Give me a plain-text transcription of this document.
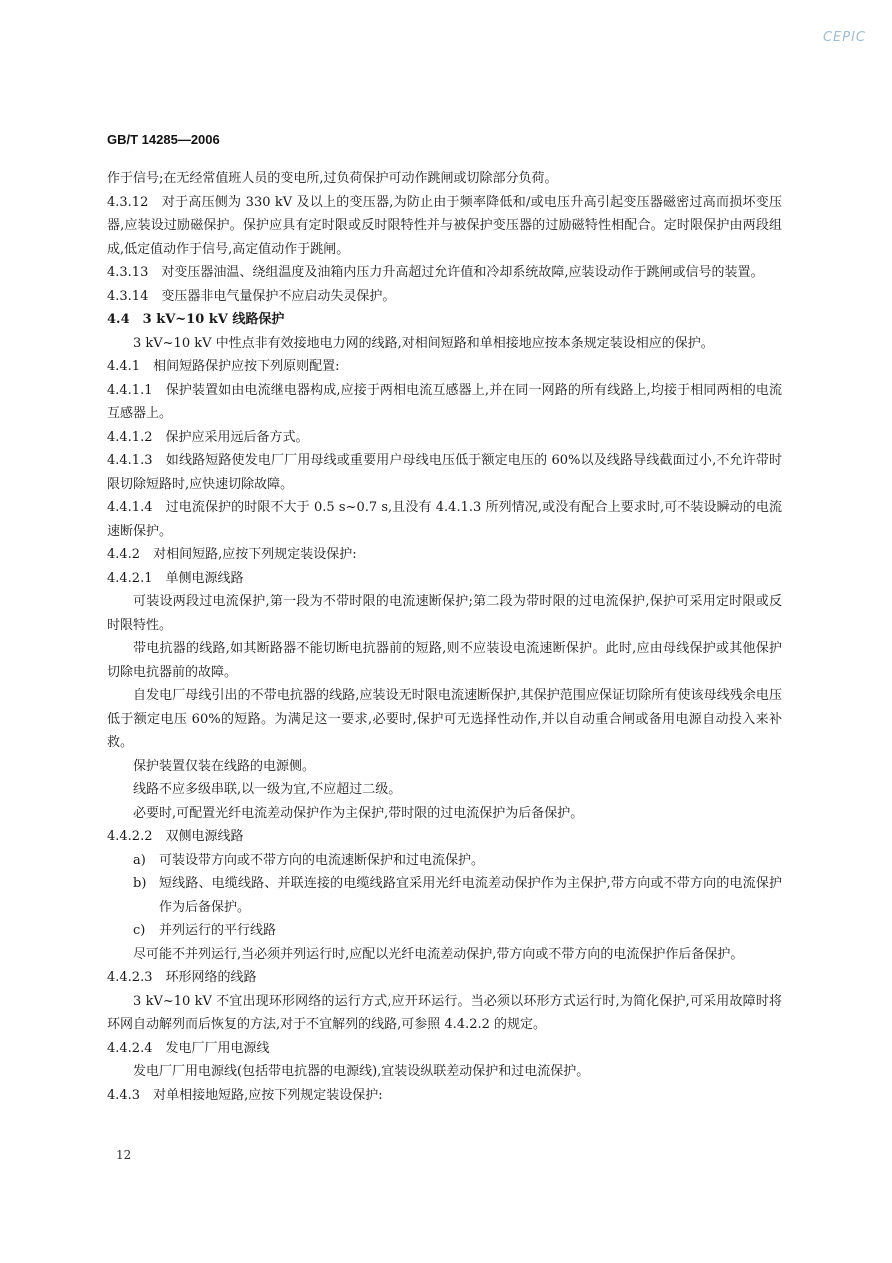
CEPIC
GB/T 14285—2006

作于信号;在无经常值班人员的变电所,过负荷保护可动作跳闸或切除部分负荷。

4.3.12　对于高压侧为 330 kV 及以上的变压器,为防止由于频率降低和/或电压升高引起变压器磁密过高而损坏变压器,应装设过励磁保护。保护应具有定时限或反时限特性并与被保护变压器的过励磁特性相配合。定时限保护由两段组成,低定值动作于信号,高定值动作于跳闸。

4.3.13　对变压器油温、绕组温度及油箱内压力升高超过允许值和冷却系统故障,应装设动作于跳闸或信号的装置。

4.3.14　变压器非电气量保护不应启动失灵保护。

4.4　3 kV~10 kV 线路保护

3 kV~10 kV 中性点非有效接地电力网的线路,对相间短路和单相接地应按本条规定装设相应的保护。

4.4.1　相间短路保护应按下列原则配置:

4.4.1.1　保护装置如由电流继电器构成,应接于两相电流互感器上,并在同一网路的所有线路上,均接于相同两相的电流互感器上。

4.4.1.2　保护应采用远后备方式。

4.4.1.3　如线路短路使发电厂厂用母线或重要用户母线电压低于额定电压的 60%以及线路导线截面过小,不允许带时限切除短路时,应快速切除故障。

4.4.1.4　过电流保护的时限不大于 0.5 s~0.7 s,且没有 4.4.1.3 所列情况,或没有配合上要求时,可不装设瞬动的电流速断保护。

4.4.2　对相间短路,应按下列规定装设保护:

4.4.2.1　单侧电源线路

可装设两段过电流保护,第一段为不带时限的电流速断保护;第二段为带时限的过电流保护,保护可采用定时限或反时限特性。

带电抗器的线路,如其断路器不能切断电抗器前的短路,则不应装设电流速断保护。此时,应由母线保护或其他保护切除电抗器前的故障。

自发电厂母线引出的不带电抗器的线路,应装设无时限电流速断保护,其保护范围应保证切除所有使该母线残余电压低于额定电压 60%的短路。为满足这一要求,必要时,保护可无选择性动作,并以自动重合闸或备用电源自动投入来补救。

保护装置仅装在线路的电源侧。

线路不应多级串联,以一级为宜,不应超过二级。

必要时,可配置光纤电流差动保护作为主保护,带时限的过电流保护为后备保护。

4.4.2.2　双侧电源线路

a)	可装设带方向或不带方向的电流速断保护和过电流保护。
b) 短线路、电缆线路、并联连接的电缆线路宜采用光纤电流差动保护作为主保护,带方向或不带方向的电流保护作为后备保护。
c)	并列运行的平行线路

尽可能不并列运行,当必须并列运行时,应配以光纤电流差动保护,带方向或不带方向的电流保护作后备保护。

4.4.2.3　环形网络的线路

3 kV~10 kV 不宜出现环形网络的运行方式,应开环运行。当必须以环形方式运行时,为简化保护,可采用故障时将环网自动解列而后恢复的方法,对于不宜解列的线路,可参照 4.4.2.2 的规定。

4.4.2.4　发电厂厂用电源线

发电厂厂用电源线(包括带电抗器的电源线),宜装设纵联差动保护和过电流保护。

4.4.3　对单相接地短路,应按下列规定装设保护:

12
